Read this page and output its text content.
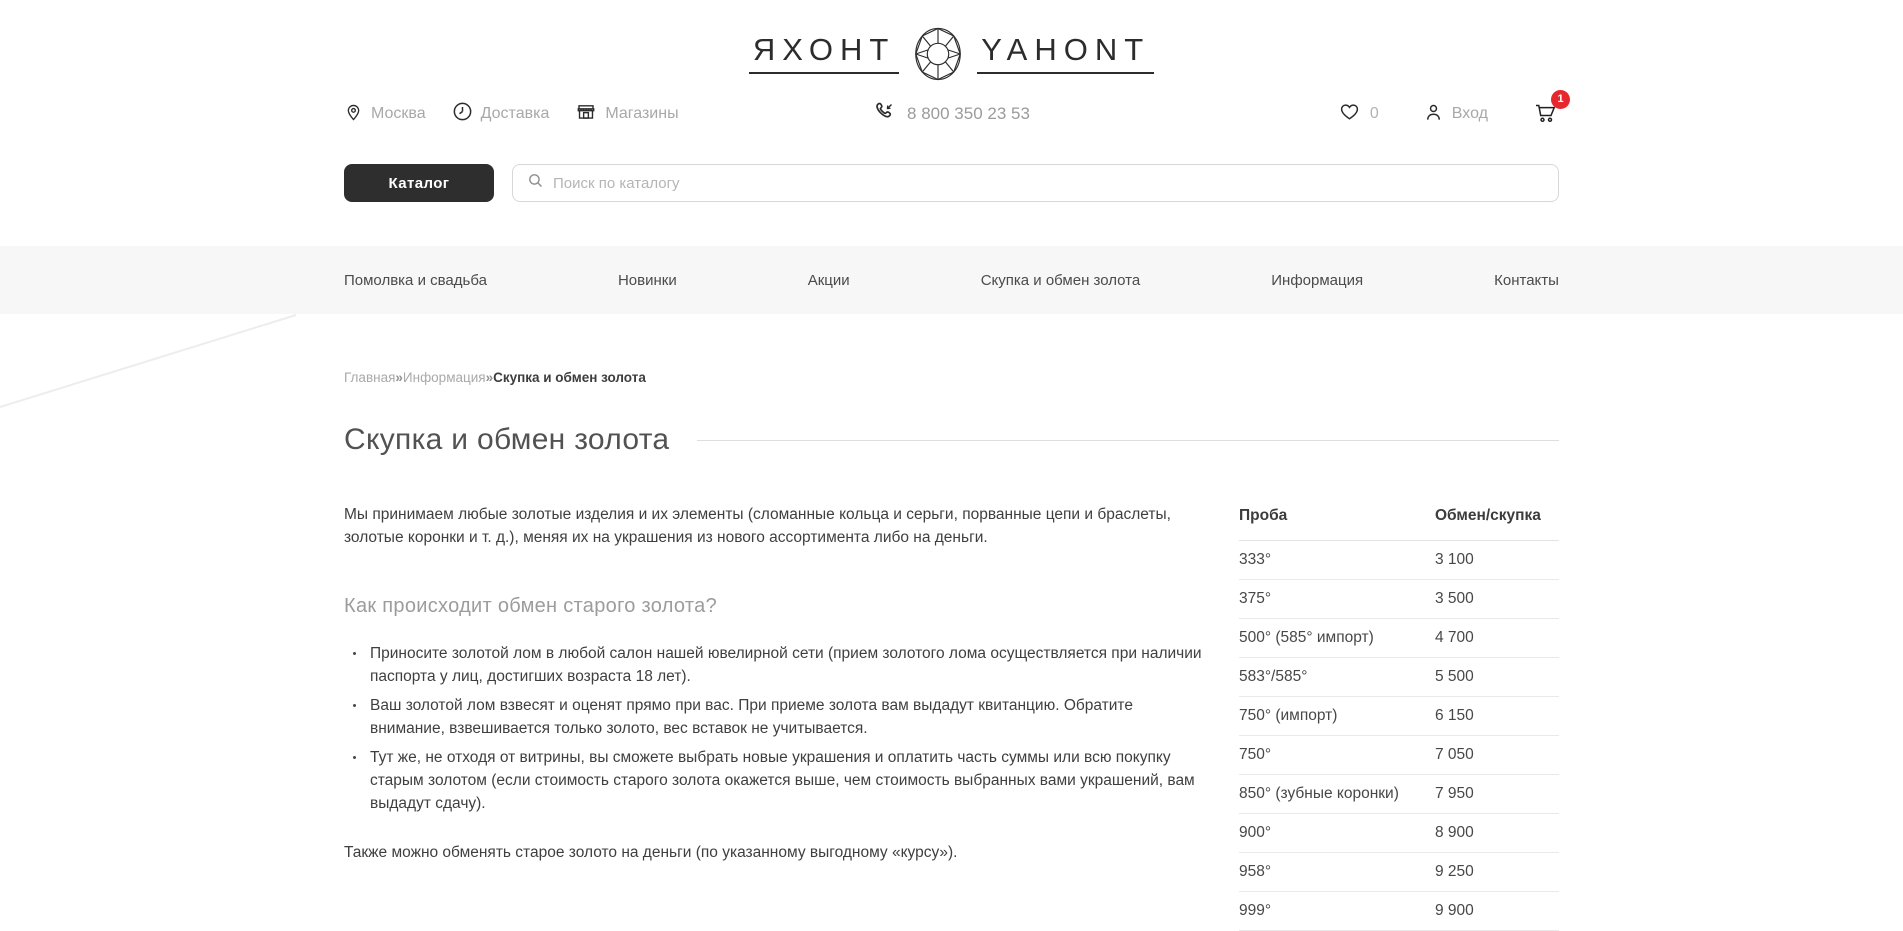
ЯХОНТ	YAHONT
Москва	Доставка	Магазины	8 800 350 23 53	0	Вход
1
Каталог
Поиск по каталогу
Помолвка и свадьба	Новинки	Акции	Скупка и обмен золота	Информация	Контакты
Главная»Информация»Скупка и обмен золота
Скупка и обмен золота

Мы принимаем любые золотые изделия и их элементы (сломанные кольца и серьги, порванные цепи и браслеты, золотые коронки и т. д.), меняя их на украшения из нового ассортимента либо на деньги.

Как происходит обмен старого золота?
Приносите золотой лом в любой салон нашей ювелирной сети (прием золотого лома осуществляется при наличии паспорта у лиц, достигших возраста 18 лет).
Ваш золотой лом взвесят и оценят прямо при вас. При приеме золота вам выдадут квитанцию. Обратите внимание, взвешивается только золото, вес вставок не учитывается.
Тут же, не отходя от витрины, вы сможете выбрать новые украшения и оплатить часть суммы или всю покупку старым золотом (если стоимость старого золота окажется выше, чем стоимость выбранных вами украшений, вам выдадут сдачу).

Также можно обменять старое золото на деньги (по указанному выгодному «курсу»).

Проба	Обмен/скупка
333°	3 100
375°	3 500
500° (585° импорт)	4 700
583°/585°	5 500
750° (импорт)	6 150
750°	7 050
850° (зубные коронки)	7 950
900°	8 900
958°	9 250
999°	9 900
